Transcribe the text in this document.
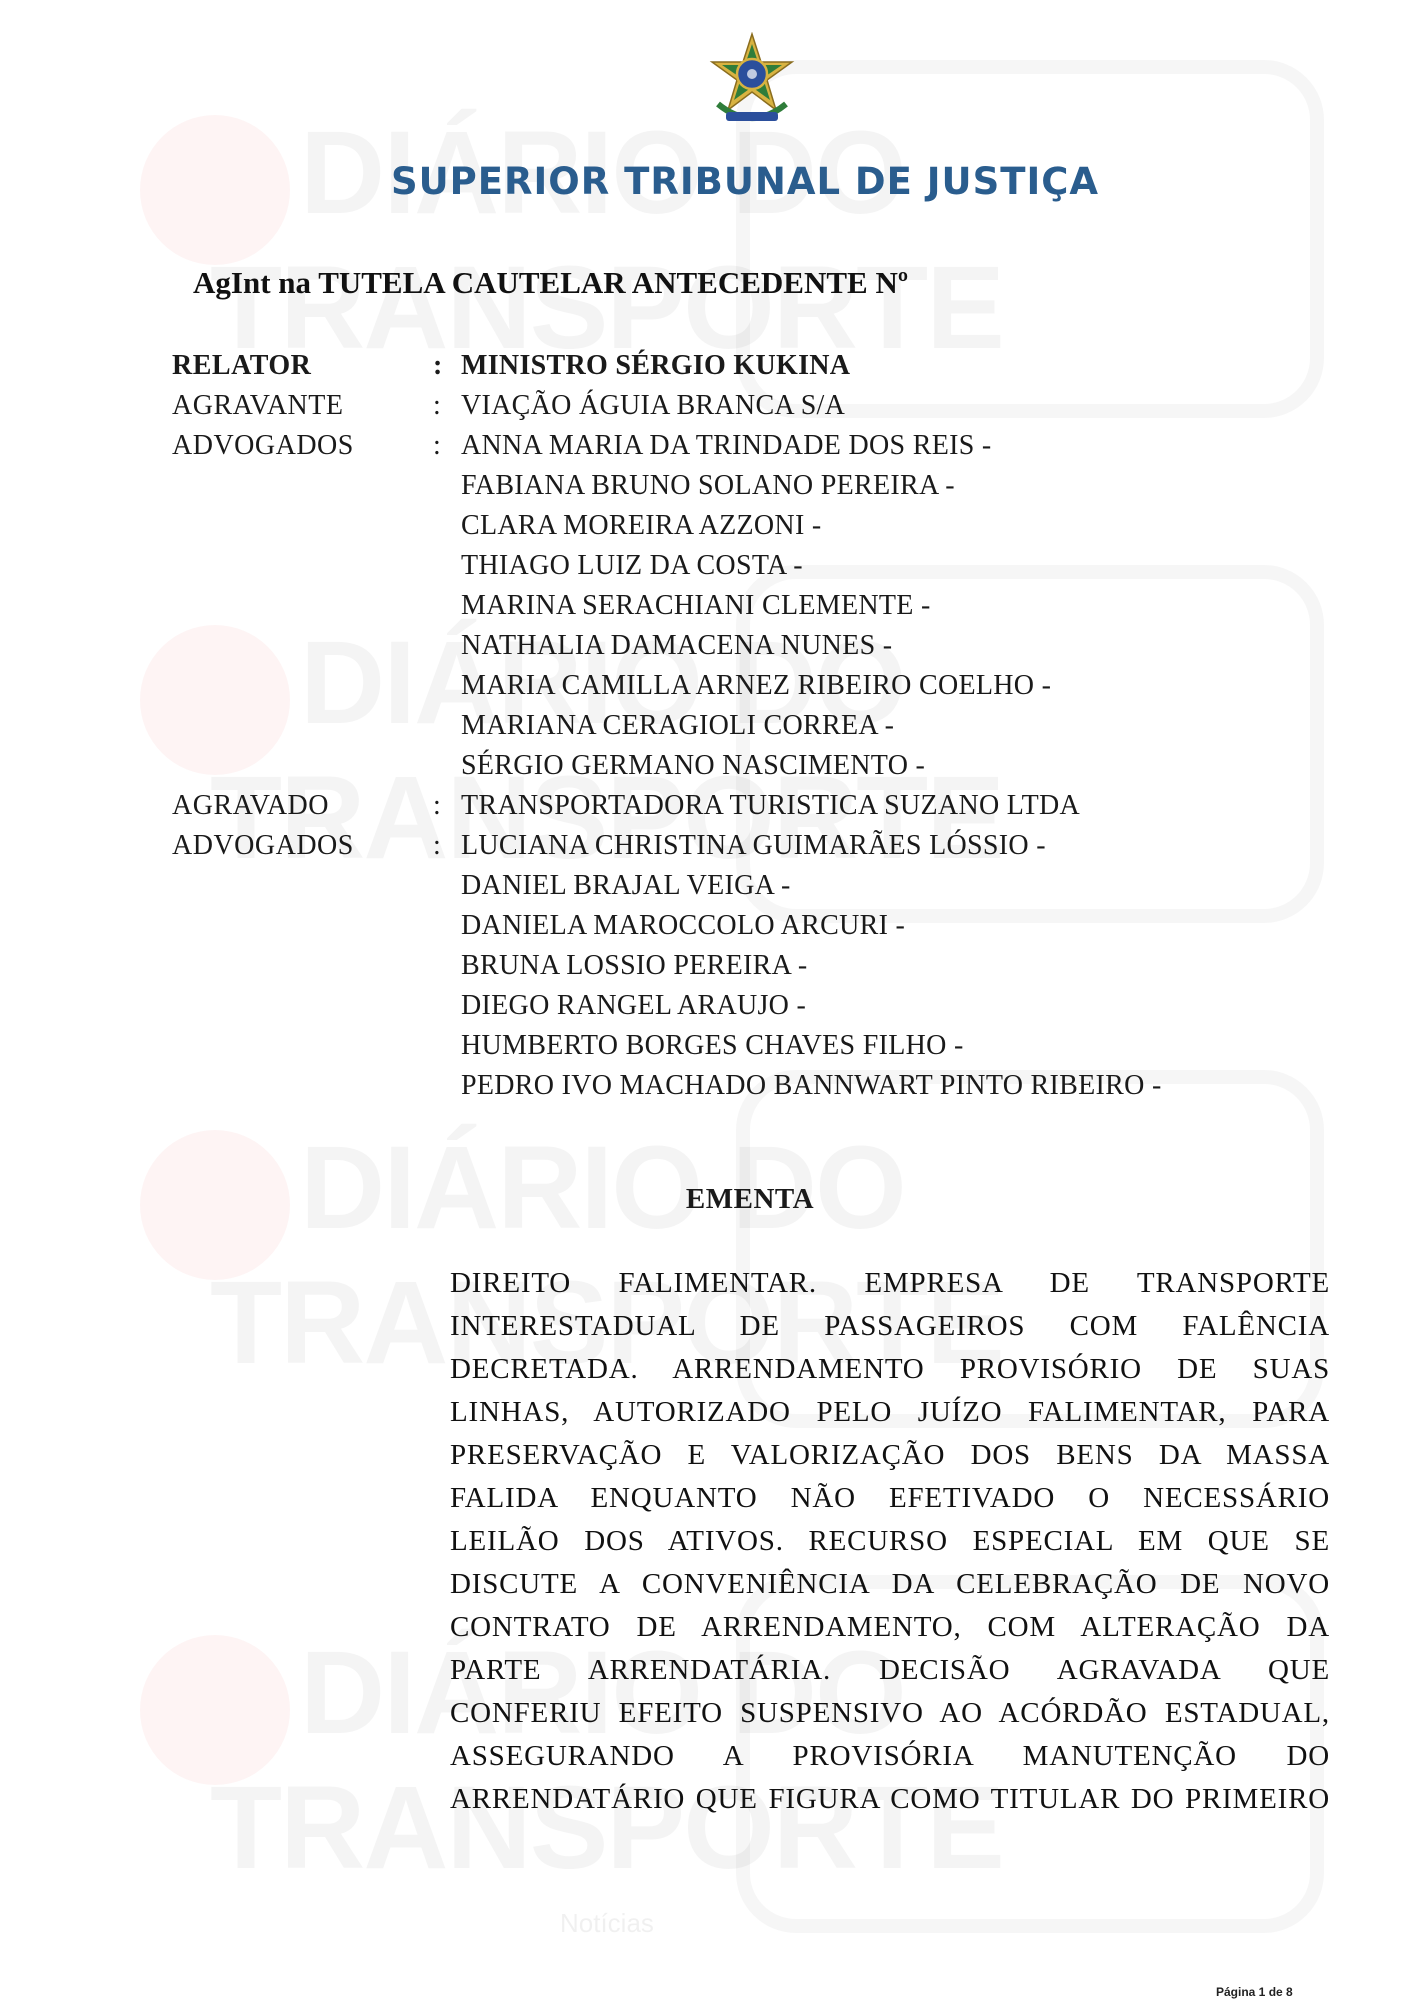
Notícias
SUPERIOR TRIBUNAL DE JUSTIÇA
AgInt na TUTELA CAUTELAR ANTECEDENTE Nº
RELATOR	: MINISTRO SÉRGIO KUKINA
AGRAVANTE	: VIAÇÃO ÁGUIA BRANCA S/A
ADVOGADOS	: ANNA MARIA DA TRINDADE DOS REIS -
FABIANA BRUNO SOLANO PEREIRA -
CLARA MOREIRA AZZONI -
THIAGO LUIZ DA COSTA -
MARINA SERACHIANI CLEMENTE -
NATHALIA DAMACENA NUNES -
MARIA CAMILLA ARNEZ RIBEIRO COELHO -
MARIANA CERAGIOLI CORREA -
SÉRGIO GERMANO NASCIMENTO -
AGRAVADO	: TRANSPORTADORA TURISTICA SUZANO LTDA
ADVOGADOS	: LUCIANA CHRISTINA GUIMARÃES LÓSSIO -
DANIEL BRAJAL VEIGA -
DANIELA MAROCCOLO ARCURI -
BRUNA LOSSIO PEREIRA -
DIEGO RANGEL ARAUJO -
HUMBERTO BORGES CHAVES FILHO -
PEDRO IVO MACHADO BANNWART PINTO RIBEIRO -
EMENTA
DIREITO FALIMENTAR. EMPRESA DE TRANSPORTE INTERESTADUAL DE PASSAGEIROS COM FALÊNCIA DECRETADA. ARRENDAMENTO PROVISÓRIO DE SUAS LINHAS, AUTORIZADO PELO JUÍZO FALIMENTAR, PARA PRESERVAÇÃO E VALORIZAÇÃO DOS BENS DA MASSA FALIDA ENQUANTO NÃO EFETIVADO O NECESSÁRIO LEILÃO DOS ATIVOS. RECURSO ESPECIAL EM QUE SE DISCUTE A CONVENIÊNCIA DA CELEBRAÇÃO DE NOVO CONTRATO DE ARRENDAMENTO, COM ALTERAÇÃO DA PARTE ARRENDATÁRIA. DECISÃO AGRAVADA QUE CONFERIU EFEITO SUSPENSIVO AO ACÓRDÃO ESTADUAL, ASSEGURANDO A PROVISÓRIA MANUTENÇÃO DO ARRENDATÁRIO QUE FIGURA COMO TITULAR DO PRIMEIRO
Página 1 de 8
